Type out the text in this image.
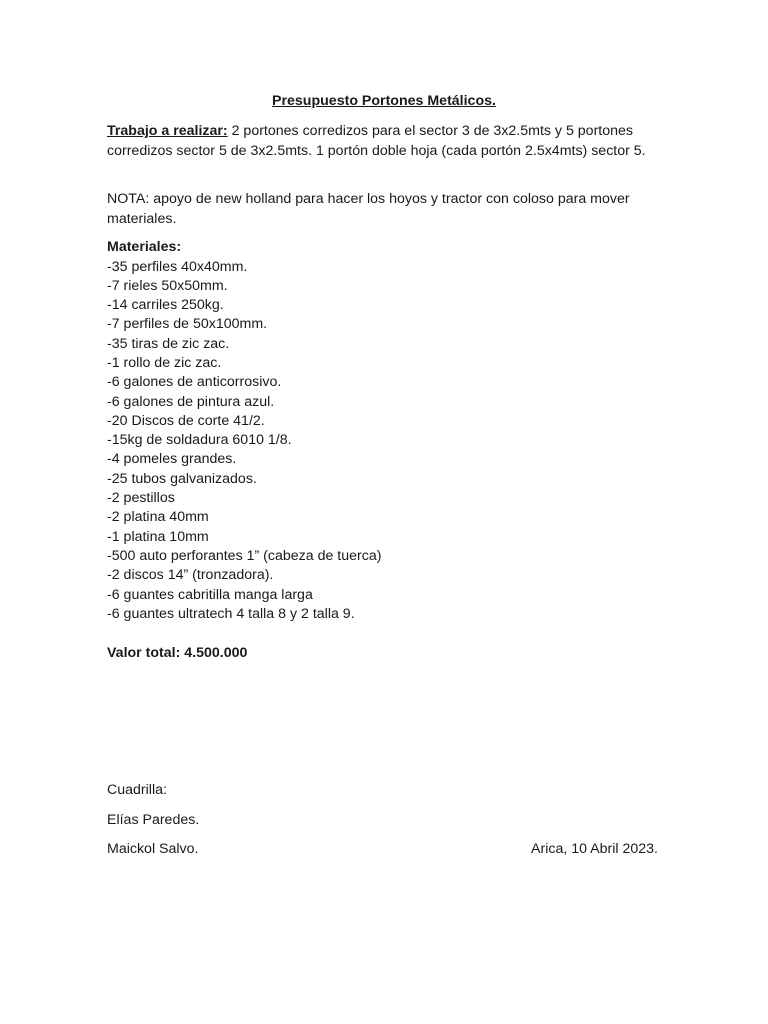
Presupuesto Portones Metálicos.
Trabajo a realizar: 2 portones corredizos para el sector 3 de 3x2.5mts y 5 portones corredizos sector 5 de 3x2.5mts. 1 portón doble hoja (cada portón 2.5x4mts) sector 5.
NOTA: apoyo de new holland para hacer los hoyos y tractor con coloso para mover materiales.
Materiales:
-35 perfiles 40x40mm.
-7 rieles 50x50mm.
-14 carriles 250kg.
-7 perfiles de 50x100mm.
-35 tiras de zic zac.
-1 rollo de zic zac.
-6 galones de anticorrosivo.
-6 galones de pintura azul.
-20 Discos de corte 41/2.
-15kg de soldadura 6010 1/8.
-4 pomeles grandes.
-25 tubos galvanizados.
-2 pestillos
-2 platina 40mm
-1 platina 10mm
-500 auto perforantes 1” (cabeza de tuerca)
-2 discos 14” (tronzadora).
-6 guantes cabritilla manga larga
-6 guantes ultratech 4 talla 8 y 2 talla 9.
Valor total: 4.500.000
Cuadrilla:
Elías Paredes.
Maickol Salvo.	Arica, 10 Abril 2023.
